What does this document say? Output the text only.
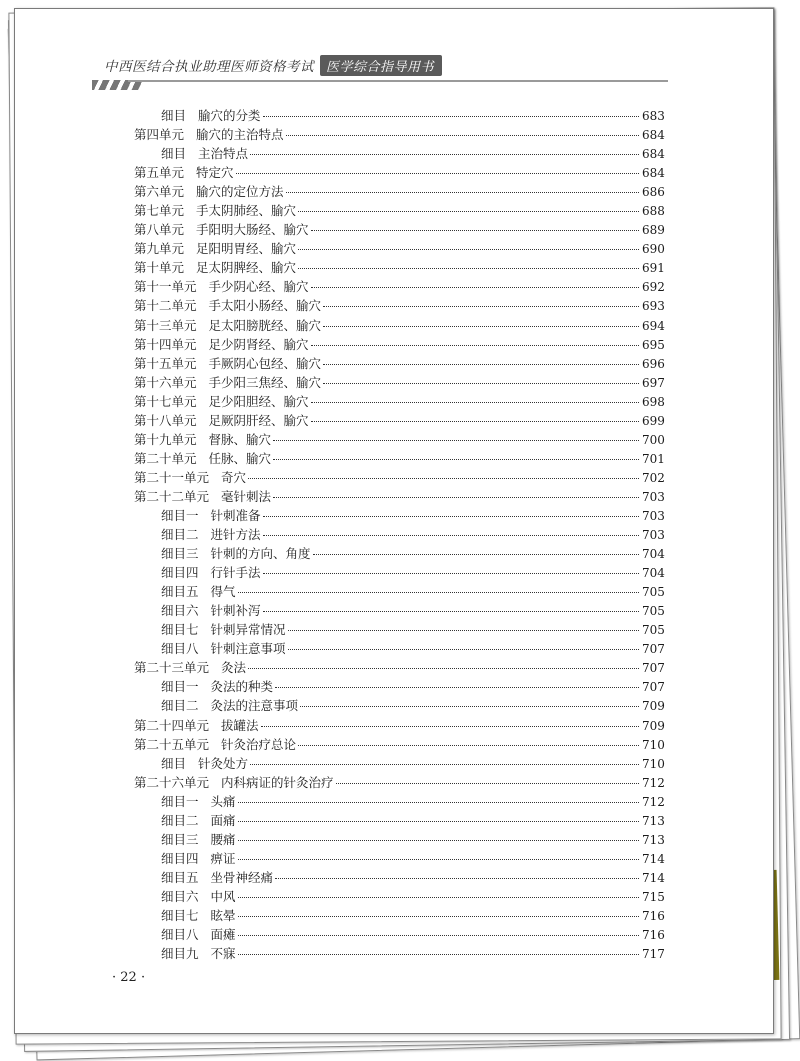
中西医结合执业助理医师资格考试 医学综合指导用书
细目 腧穴的分类	683
第四单元 腧穴的主治特点	684
细目 主治特点	684
第五单元 特定穴	684
第六单元 腧穴的定位方法	686
第七单元 手太阴肺经、腧穴	688
第八单元 手阳明大肠经、腧穴	689
第九单元 足阳明胃经、腧穴	690
第十单元 足太阴脾经、腧穴	691
第十一单元 手少阴心经、腧穴	692
第十二单元 手太阳小肠经、腧穴	693
第十三单元 足太阳膀胱经、腧穴	694
第十四单元 足少阴肾经、腧穴	695
第十五单元 手厥阴心包经、腧穴	696
第十六单元 手少阳三焦经、腧穴	697
第十七单元 足少阳胆经、腧穴	698
第十八单元 足厥阴肝经、腧穴	699
第十九单元 督脉、腧穴	700
第二十单元 任脉、腧穴	701
第二十一单元 奇穴	702
第二十二单元 毫针刺法	703
细目一 针刺准备	703
细目二 进针方法	703
细目三 针刺的方向、角度	704
细目四 行针手法	704
细目五 得气	705
细目六 针刺补泻	705
细目七 针刺异常情况	705
细目八 针刺注意事项	707
第二十三单元 灸法	707
细目一 灸法的种类	707
细目二 灸法的注意事项	709
第二十四单元 拔罐法	709
第二十五单元 针灸治疗总论	710
细目 针灸处方	710
第二十六单元 内科病证的针灸治疗	712
细目一 头痛	712
细目二 面痛	713
细目三 腰痛	713
细目四 痹证	714
细目五 坐骨神经痛	714
细目六 中风	715
细目七 眩晕	716
细目八 面瘫	716
细目九 不寐	717
· 22 ·
